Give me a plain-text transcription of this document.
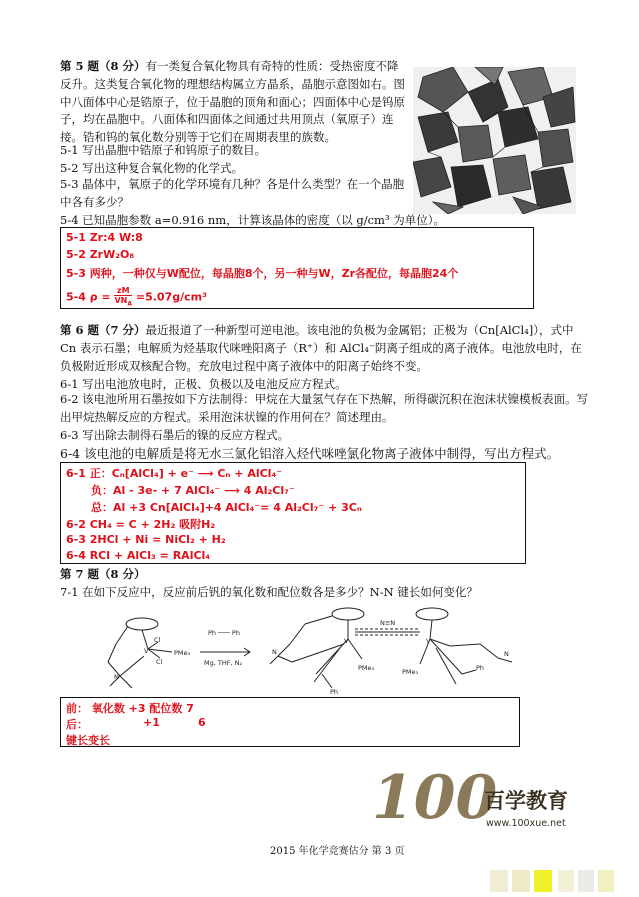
第 5 题（8 分）有一类复合氧化物具有奇特的性质：受热密度不降反升。这类复合氧化物的理想结构属立方晶系，晶胞示意图如右。图中八面体中心是锆原子，位于晶胞的顶角和面心；四面体中心是钨原子，均在晶胞中。八面体和四面体之间通过共用顶点（氧原子）连接。锆和钨的氧化数分别等于它们在周期表里的族数。
5-1 写出晶胞中锆原子和钨原子的数目。
5-2 写出这种复合氧化物的化学式。
5-3 晶体中，氧原子的化学环境有几种？各是什么类型？在一个晶胞中各有多少？
5-4 已知晶胞参数 a=0.916 nm，计算该晶体的密度（以 g/cm³ 为单位）。
5-1 Zr:4 W:8
5-2 ZrW₂O₈
5-3 两种，一种仅与W配位，每晶胞8个，另一种与W，Zr各配位，每晶胞24个
5-4 ρ = zM
$VN_A$
=5.07g/cm³
第 6 题（7 分）最近报道了一种新型可逆电池。该电池的负极为金属铝；正极为（Cn[AlCl₄]），式中 Cn 表示石墨；电解质为烃基取代咪唑阳离子（R⁺）和 AlCl₄⁻阴离子组成的离子液体。电池放电时，在负极附近形成双核配合物。充放电过程中离子液体中的阳离子始终不变。
6-1 写出电池放电时，正极、负极以及电池反应方程式。
6-2 该电池所用石墨按如下方法制得：甲烷在大量氢气存在下热解，所得碳沉积在泡沫状镍模板表面。写出甲烷热解反应的方程式。采用泡沫状镍的作用何在？简述理由。
6-3 写出除去制得石墨后的镍的反应方程式。
6-4 该电池的电解质是将无水三氯化铝溶入烃代咪唑氯化物离子液体中制得，写出方程式。
6-1 正：Cₙ[AlCl₄] + e⁻ ⟶ Cₙ + AlCl₄⁻
负：Al - 3e- + 7 AlCl₄⁻ ⟶ 4 Al₂Cl₇⁻
总：Al +3 Cn[AlCl₄]+4 AlCl₄⁻= 4 Al₂Cl₇⁻ + 3Cₙ
6-2 CH₄ = C + 2H₂ 吸附H₂
6-3 2HCl + Ni = NiCl₂ + H₂
6-4 RCl + AlCl₃ = RAlCl₄
第 7 题（8 分）
7-1 在如下反应中，反应前后钒的氧化数和配位数各是多少？N-N 键长如何变化？
Cl
Cl
V	PMe₃
N
Ph ─── Ph
Mg, THF, N₂
V
N≡N
V
N	N
PMe₃	PMe₃
Ph
Ph
前： 氧化数 +3 配位数 7
后：	+1	6
键长变长
100
百学教育
www.100xue.net
2015 年化学竞赛估分 第 3 页
